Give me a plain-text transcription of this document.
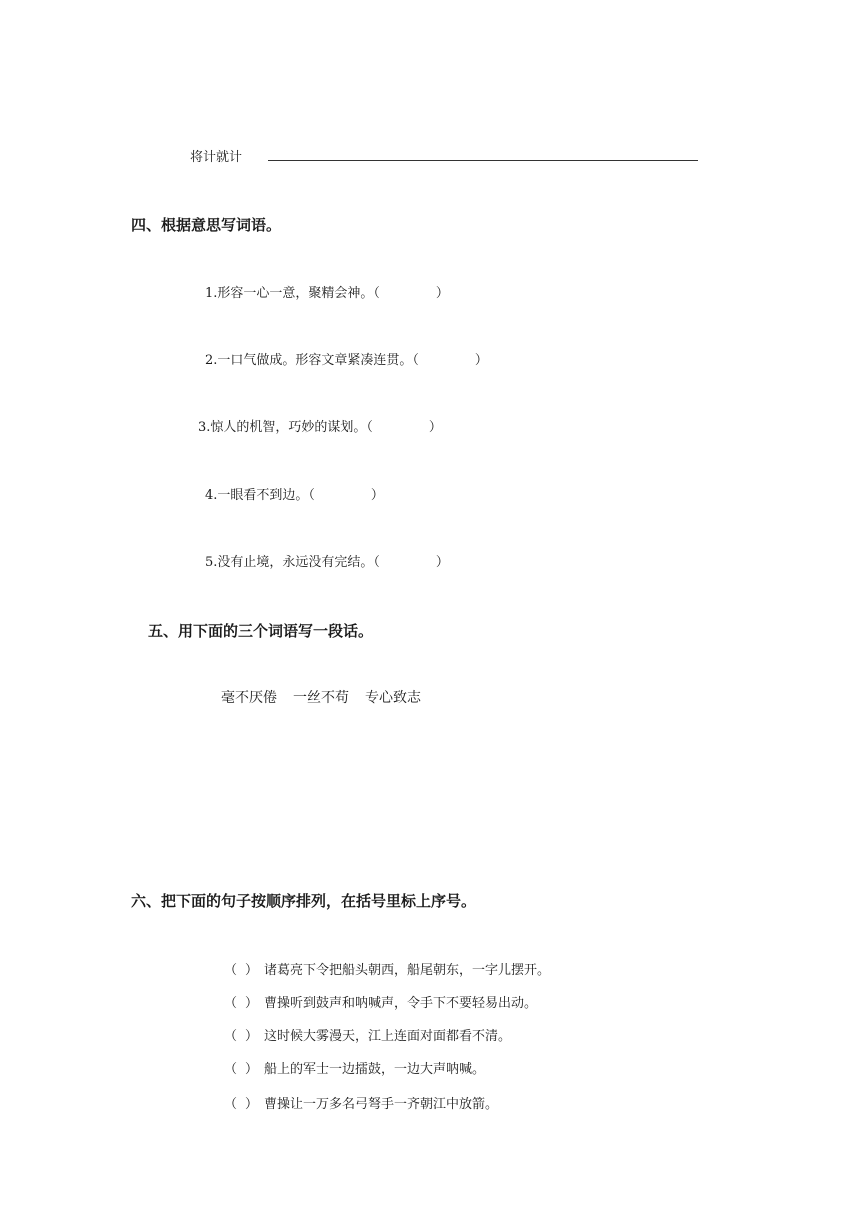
将计就计
四、根据意思写词语。
1.形容一心一意，聚精会神。（	）
2.一口气做成。形容文章紧凑连贯。（	）
3.惊人的机智，巧妙的谋划。（	）
4.一眼看不到边。（	）
5.没有止境，永远没有完结。（	）
五、用下面的三个词语写一段话。
毫不厌倦 一丝不苟 专心致志
六、把下面的句子按顺序排列，在括号里标上序号。
（ ） 诸葛亮下令把船头朝西，船尾朝东，一字儿摆开。
（ ） 曹操听到鼓声和呐喊声，令手下不要轻易出动。
（ ） 这时候大雾漫天，江上连面对面都看不清。
（ ） 船上的军士一边擂鼓，一边大声呐喊。
（ ） 曹操让一万多名弓弩手一齐朝江中放箭。
